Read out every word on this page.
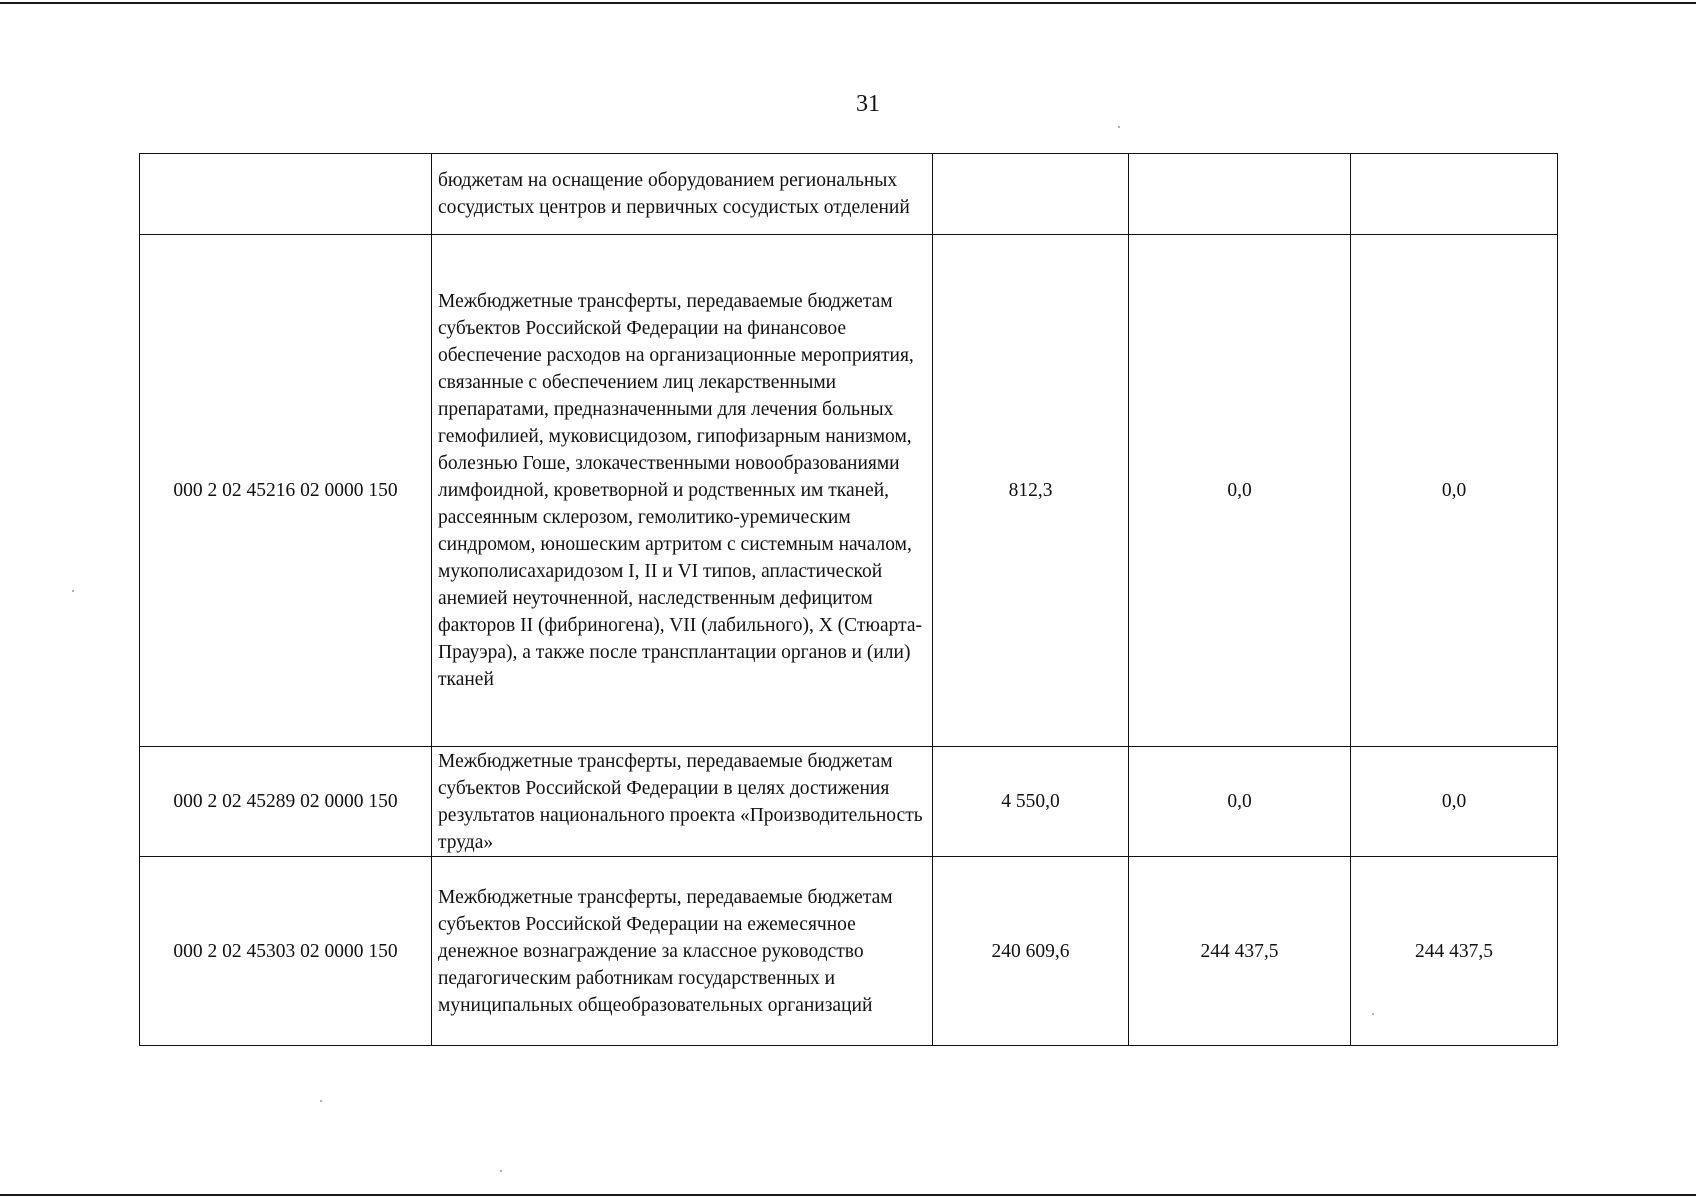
31
	бюджетам на оснащение оборудованием региональных сосудистых центров и первичных сосудистых отделений			
000 2 02 45216 02 0000 150	Межбюджетные трансферты, передаваемые бюджетам субъектов Российской Федерации на финансовое обеспечение расходов на организационные мероприятия, связанные с обеспечением лиц лекарственными препаратами, предназначенными для лечения больных гемофилией, муковисцидозом, гипофизарным нанизмом, болезнью Гоше, злокачественными новообразованиями лимфоидной, кроветворной и родственных им тканей, рассеянным склерозом, гемолитико-уремическим синдромом, юношеским артритом с системным началом, мукополисахаридозом I, II и VI типов, апластической анемией неуточненной, наследственным дефицитом факторов II (фибриногена), VII (лабильного), X (Стюарта-Прауэра), а также после трансплантации органов и (или) тканей	812,3	0,0	0,0
000 2 02 45289 02 0000 150	Межбюджетные трансферты, передаваемые бюджетам субъектов Российской Федерации в целях достижения результатов национального проекта «Производительность труда»	4 550,0	0,0	0,0
000 2 02 45303 02 0000 150	Межбюджетные трансферты, передаваемые бюджетам субъектов Российской Федерации на ежемесячное денежное вознаграждение за классное руководство педагогическим работникам государственных и муниципальных общеобразовательных организаций	240 609,6	244 437,5	244 437,5
